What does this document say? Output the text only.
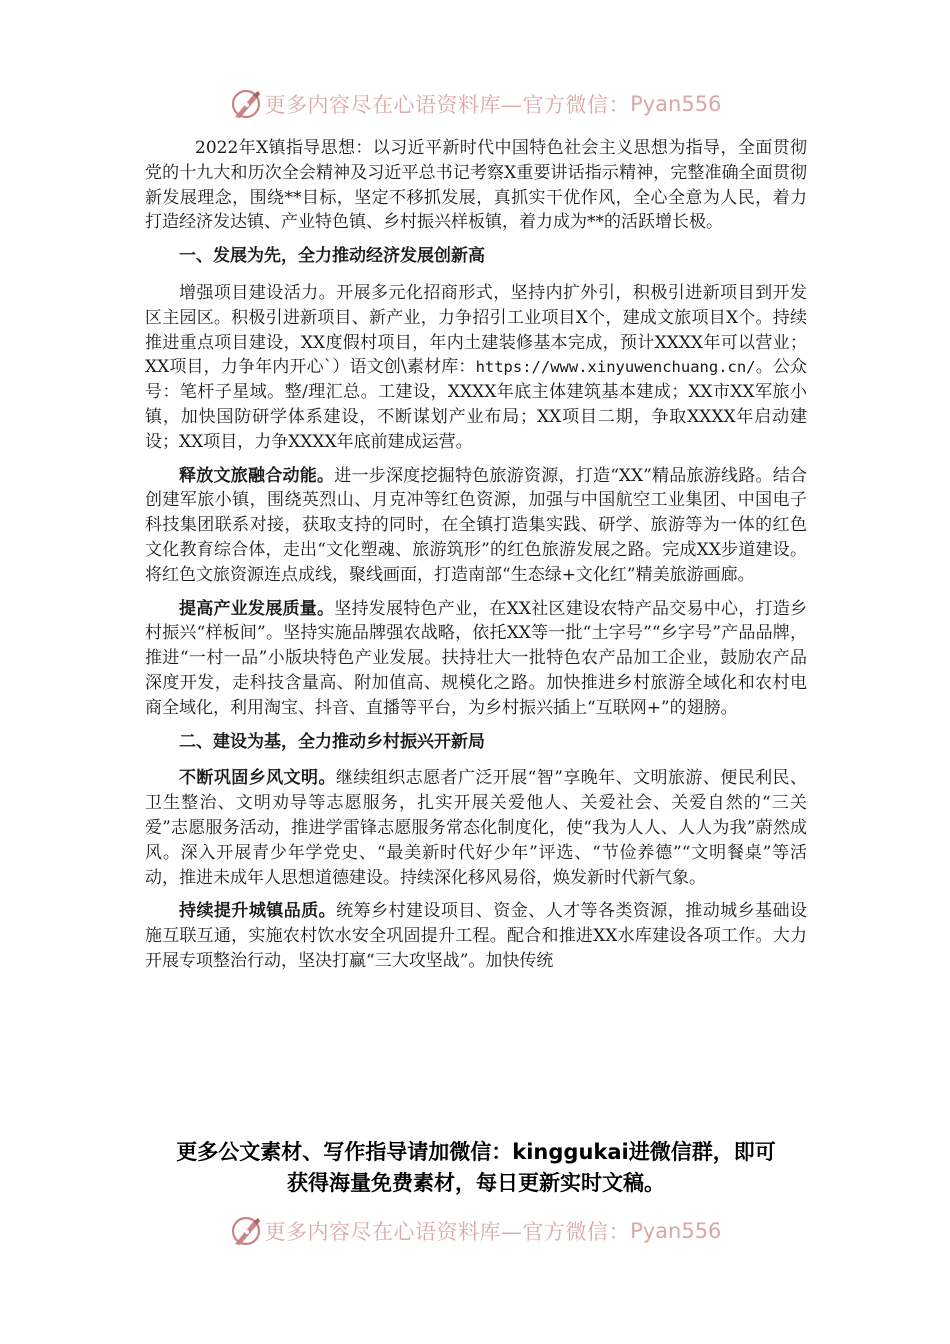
更多内容尽在心语资料库—官方微信： Pyan556

2022年X镇指导思想：以习近平新时代中国特色社会主义思想为指导，全面贯彻党的十九大和历次全会精神及习近平总书记考察X重要讲话指示精神，完整准确全面贯彻新发展理念，围绕**目标，坚定不移抓发展，真抓实干优作风，全心全意为人民，着力打造经济发达镇、产业特色镇、乡村振兴样板镇，着力成为**的活跃增长极。

一、发展为先，全力推动经济发展创新高

增强项目建设活力。开展多元化招商形式，坚持内扩外引，积极引进新项目到开发区主园区。积极引进新项目、新产业，力争招引工业项目X个，建成文旅项目X个。持续推进重点项目建设，XX度假村项目，年内土建装修基本完成，预计XXXX年可以营业；XX项目，力争年内开心`）语文创\素材库：https://www.xinyuwenchuang.cn/。公众号：笔杆子星域。整/理汇总。工建设，XXXX年底主体建筑基本建成；XX市XX军旅小镇，加快国防研学体系建设，不断谋划产业布局；XX项目二期，争取XXXX年启动建设；XX项目，力争XXXX年底前建成运营。

释放文旅融合动能。进一步深度挖掘特色旅游资源，打造“XX”精品旅游线路。结合创建军旅小镇，围绕英烈山、月克冲等红色资源，加强与中国航空工业集团、中国电子科技集团联系对接，获取支持的同时，在全镇打造集实践、研学、旅游等为一体的红色文化教育综合体，走出“文化塑魂、旅游筑形”的红色旅游发展之路。完成XX步道建设。将红色文旅资源连点成线，聚线画面，打造南部“生态绿+文化红”精美旅游画廊。

提高产业发展质量。坚持发展特色产业，在XX社区建设农特产品交易中心，打造乡村振兴“样板间”。坚持实施品牌强农战略，依托XX等一批“土字号”“乡字号”产品品牌，推进“一村一品”小版块特色产业发展。扶持壮大一批特色农产品加工企业，鼓励农产品深度开发，走科技含量高、附加值高、规模化之路。加快推进乡村旅游全域化和农村电商全域化，利用淘宝、抖音、直播等平台，为乡村振兴插上“互联网+”的翅膀。

二、建设为基，全力推动乡村振兴开新局

不断巩固乡风文明。继续组织志愿者广泛开展“智”享晚年、文明旅游、便民利民、卫生整治、文明劝导等志愿服务，扎实开展关爱他人、关爱社会、关爱自然的“三关爱”志愿服务活动，推进学雷锋志愿服务常态化制度化，使“我为人人、人人为我”蔚然成风。深入开展青少年学党史、“最美新时代好少年”评选、“节俭养德”“文明餐桌”等活动，推进未成年人思想道德建设。持续深化移风易俗，焕发新时代新气象。

持续提升城镇品质。统筹乡村建设项目、资金、人才等各类资源，推动城乡基础设施互联互通，实施农村饮水安全巩固提升工程。配合和推进XX水库建设各项工作。大力开展专项整治行动，坚决打赢“三大攻坚战”。加快传统

更多公文素材、写作指导请加微信：kinggukai进微信群，即可
获得海量免费素材，每日更新实时文稿。
更多内容尽在心语资料库—官方微信： Pyan556
